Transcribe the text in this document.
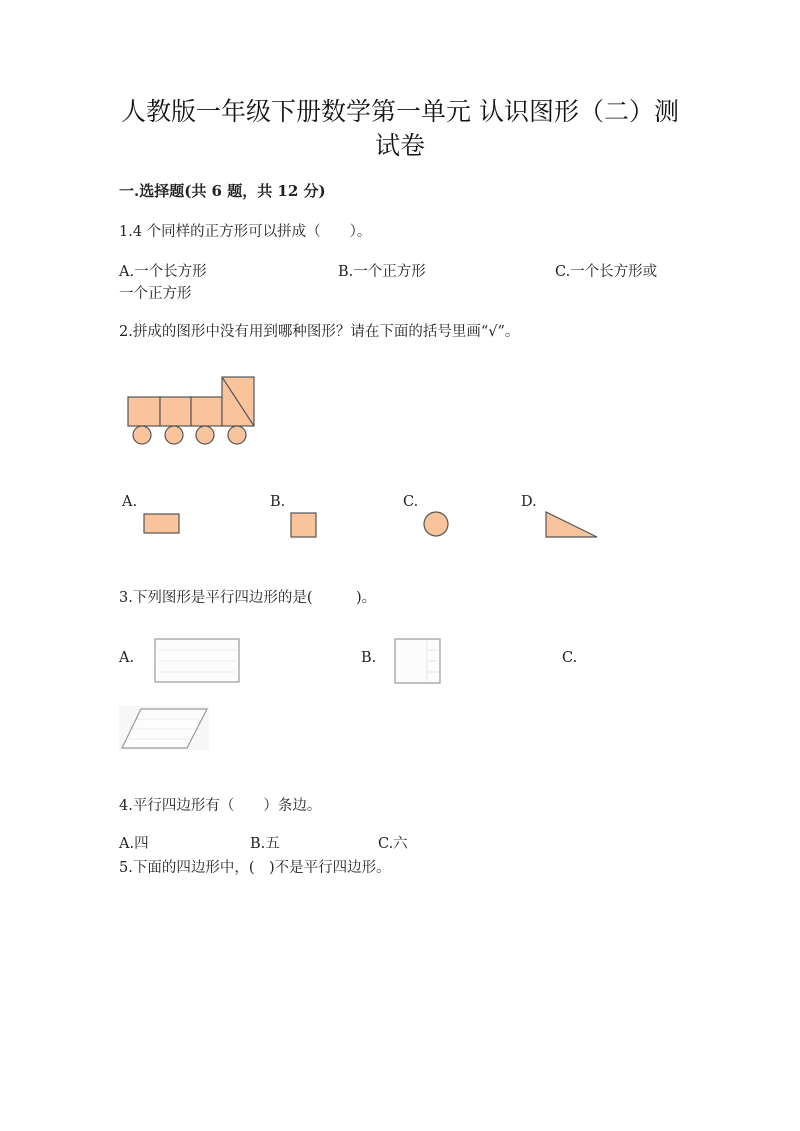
人教版一年级下册数学第一单元 认识图形（二）测
试卷
一.选择题(共 6 题，共 12 分)
1.4 个同样的正方形可以拼成（　　）。
A.一个长方形	B.一个正方形	C.一个长方形或
一个正方形
2.拼成的图形中没有用到哪种图形？请在下面的括号里画“√”。
A.	B.	C.	D.
3.下列图形是平行四边形的是(　　　)。
A.	B.	C.
4.平行四边形有（　　）条边。
A.四	B.五	C.六
5.下面的四边形中，(　)不是平行四边形。
